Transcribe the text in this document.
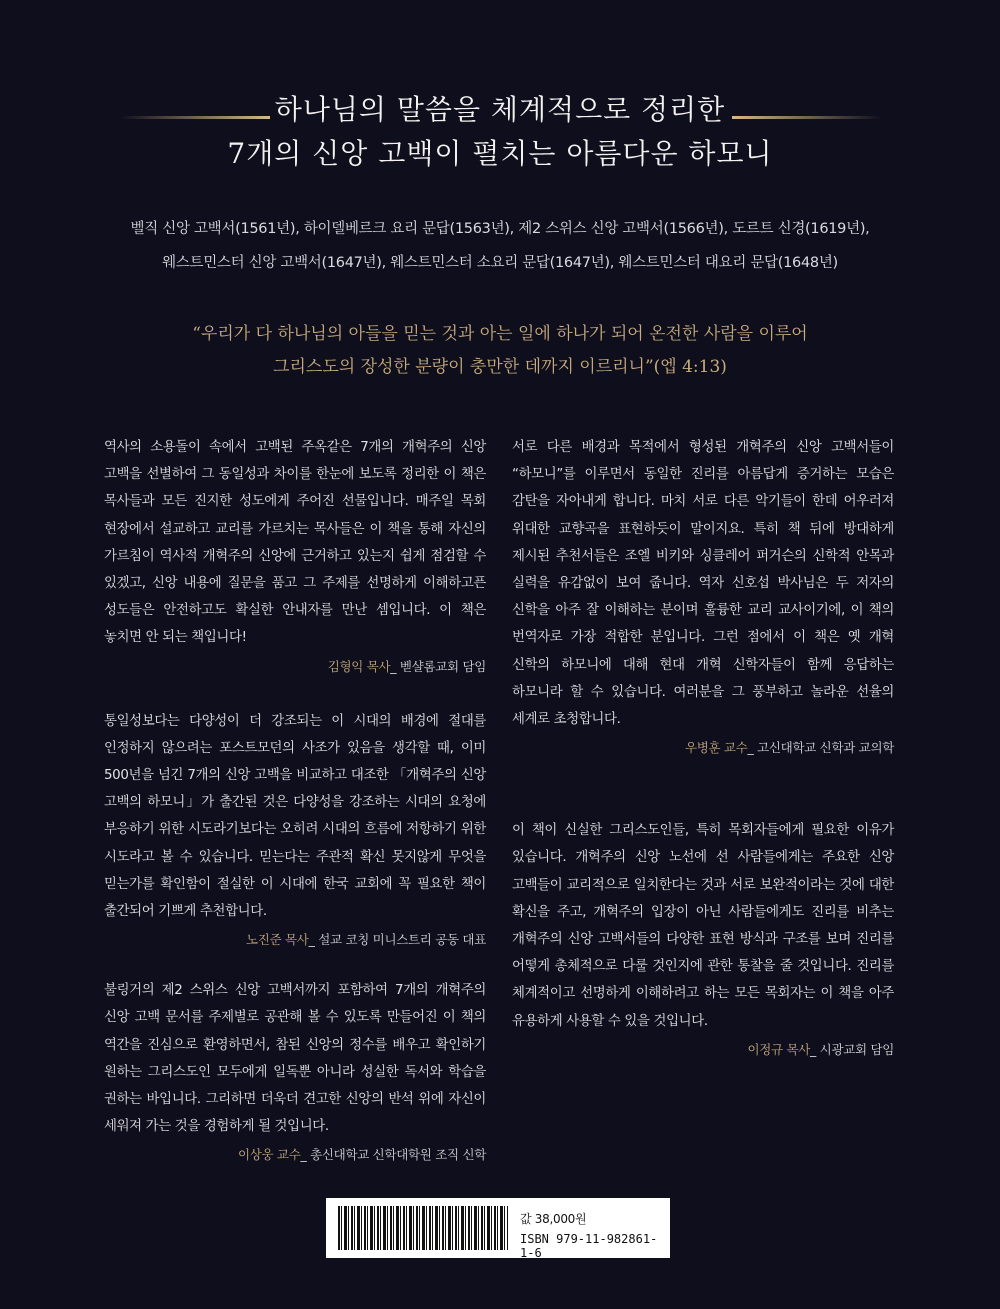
하나님의 말씀을 체계적으로 정리한
7개의 신앙 고백이 펼치는 아름다운 하모니
벨직 신앙 고백서(1561년), 하이델베르크 요리 문답(1563년), 제2 스위스 신앙 고백서(1566년), 도르트 신경(1619년),
웨스트민스터 신앙 고백서(1647년), 웨스트민스터 소요리 문답(1647년), 웨스트민스터 대요리 문답(1648년)
“우리가 다 하나님의 아들을 믿는 것과 아는 일에 하나가 되어 온전한 사람을 이루어
그리스도의 장성한 분량이 충만한 데까지 이르리니”(엡 4:13)

역사의 소용돌이 속에서 고백된 주옥같은 7개의 개혁주의 신앙 고백을 선별하여 그 동일성과 차이를 한눈에 보도록 정리한 이 책은 목사들과 모든 진지한 성도에게 주어진 선물입니다. 매주일 목회 현장에서 설교하고 교리를 가르치는 목사들은 이 책을 통해 자신의 가르침이 역사적 개혁주의 신앙에 근거하고 있는지 쉽게 점검할 수 있겠고, 신앙 내용에 질문을 품고 그 주제를 선명하게 이해하고픈 성도들은 안전하고도 확실한 안내자를 만난 셈입니다. 이 책은 놓치면 안 되는 책입니다!

김형익 목사_ 벧샬롬교회 담임

통일성보다는 다양성이 더 강조되는 이 시대의 배경에 절대를 인정하지 않으려는 포스트모던의 사조가 있음을 생각할 때, 이미 500년을 넘긴 7개의 신앙 고백을 비교하고 대조한 「개혁주의 신앙 고백의 하모니」가 출간된 것은 다양성을 강조하는 시대의 요청에 부응하기 위한 시도라기보다는 오히려 시대의 흐름에 저항하기 위한 시도라고 볼 수 있습니다. 믿는다는 주관적 확신 못지않게 무엇을 믿는가를 확인함이 절실한 이 시대에 한국 교회에 꼭 필요한 책이 출간되어 기쁘게 추천합니다.

노진준 목사_ 설교 코칭 미니스트리 공동 대표

불링거의 제2 스위스 신앙 고백서까지 포함하여 7개의 개혁주의 신앙 고백 문서를 주제별로 공관해 볼 수 있도록 만들어진 이 책의 역간을 진심으로 환영하면서, 참된 신앙의 정수를 배우고 확인하기 원하는 그리스도인 모두에게 일독뿐 아니라 성실한 독서와 학습을 권하는 바입니다. 그리하면 더욱더 견고한 신앙의 반석 위에 자신이 세워져 가는 것을 경험하게 될 것입니다.

이상웅 교수_ 총신대학교 신학대학원 조직 신학

서로 다른 배경과 목적에서 형성된 개혁주의 신앙 고백서들이 “하모니”를 이루면서 동일한 진리를 아름답게 증거하는 모습은 감탄을 자아내게 합니다. 마치 서로 다른 악기들이 한데 어우러져 위대한 교향곡을 표현하듯이 말이지요. 특히 책 뒤에 방대하게 제시된 추천서들은 조엘 비키와 싱클레어 퍼거슨의 신학적 안목과 실력을 유감없이 보여 줍니다. 역자 신호섭 박사님은 두 저자의 신학을 아주 잘 이해하는 분이며 훌륭한 교리 교사이기에, 이 책의 번역자로 가장 적합한 분입니다. 그런 점에서 이 책은 옛 개혁 신학의 하모니에 대해 현대 개혁 신학자들이 함께 응답하는 하모니라 할 수 있습니다. 여러분을 그 풍부하고 놀라운 선율의 세계로 초청합니다.

우병훈 교수_ 고신대학교 신학과 교의학

이 책이 신실한 그리스도인들, 특히 목회자들에게 필요한 이유가 있습니다. 개혁주의 신앙 노선에 선 사람들에게는 주요한 신앙 고백들이 교리적으로 일치한다는 것과 서로 보완적이라는 것에 대한 확신을 주고, 개혁주의 입장이 아닌 사람들에게도 진리를 비추는 개혁주의 신앙 고백서들의 다양한 표현 방식과 구조를 보며 진리를 어떻게 총체적으로 다룰 것인지에 관한 통찰을 줄 것입니다. 진리를 체계적이고 선명하게 이해하려고 하는 모든 목회자는 이 책을 아주 유용하게 사용할 수 있을 것입니다.

이정규 목사_ 시광교회 담임
값 38,000원
ISBN 979-11-982861-1-6
